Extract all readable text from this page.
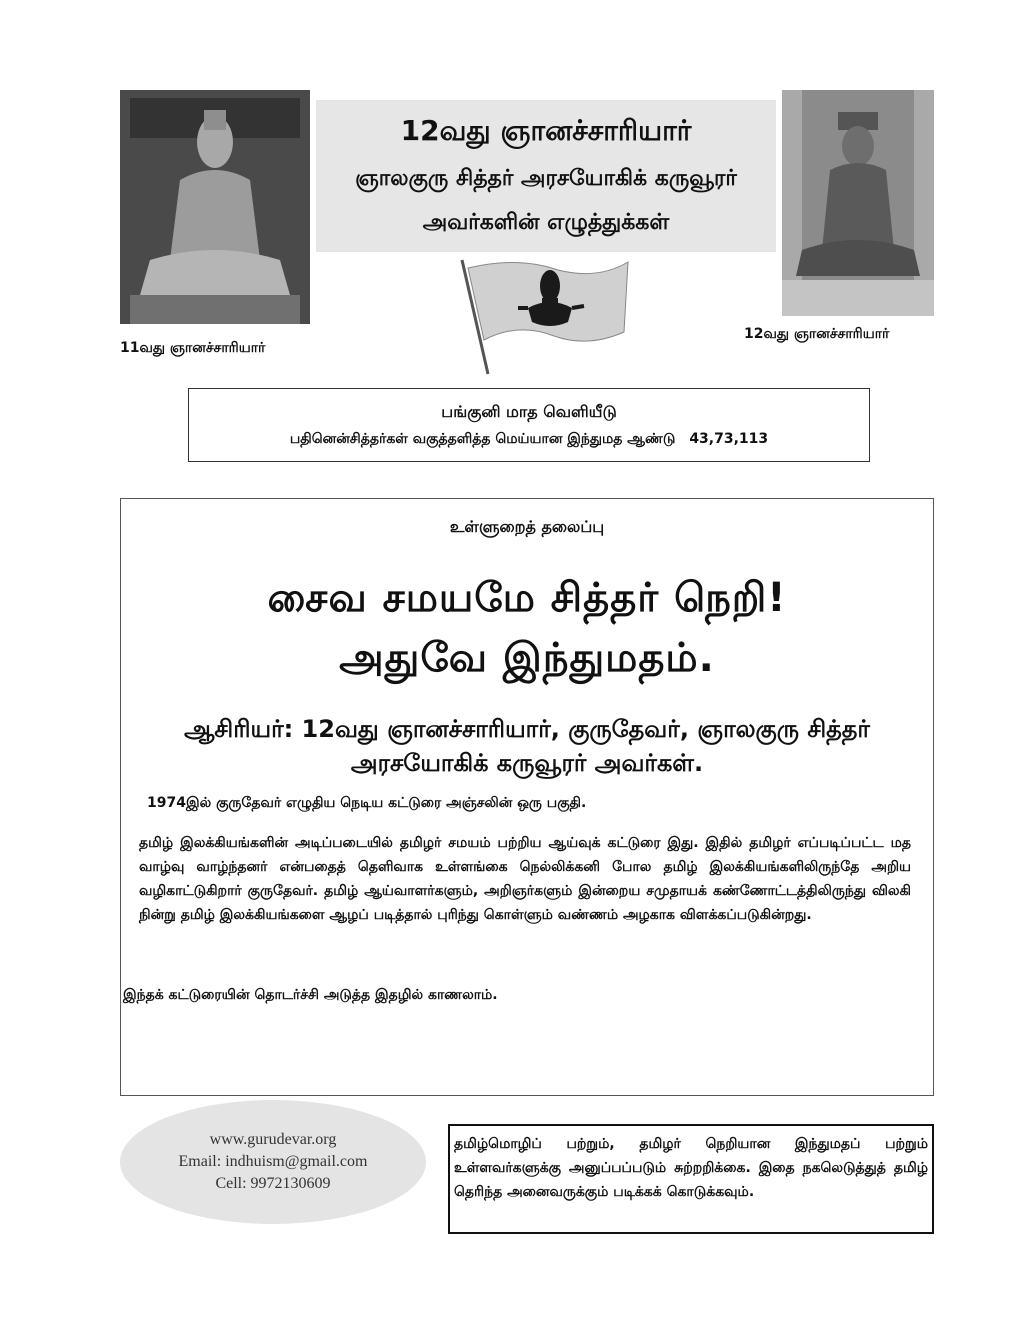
12வது ஞானச்சாரியார்
ஞாலகுரு சித்தர் அரசயோகிக் கருவூரர்
அவர்களின் எழுத்துக்கள்
11வது ஞானச்சாரியார்
12வது ஞானச்சாரியார்
பங்குனி மாத வெளியீடு
பதினென்சித்தர்கள் வகுத்தளித்த மெய்யான இந்துமத ஆண்டு 43,73,113
உள்ளுறைத் தலைப்பு
சைவ சமயமே சித்தர் நெறி!
அதுவே இந்துமதம்.
ஆசிரியர்: 12வது ஞானச்சாரியார், குருதேவர், ஞாலகுரு சித்தர்
அரசயோகிக் கருவூரர் அவர்கள்.
1974இல் குருதேவர் எழுதிய நெடிய கட்டுரை அஞ்சலின் ஒரு பகுதி.
தமிழ் இலக்கியங்களின் அடிப்படையில் தமிழர் சமயம் பற்றிய ஆய்வுக் கட்டுரை இது. இதில் தமிழர் எப்படிப்பட்ட மத வாழ்வு வாழ்ந்தனர் என்பதைத் தெளிவாக உள்ளங்கை நெல்லிக்கனி போல தமிழ் இலக்கியங்களிலிருந்தே அறிய வழிகாட்டுகிறார் குருதேவர். தமிழ் ஆய்வாளர்களும், அறிஞர்களும் இன்றைய சமுதாயக் கண்ணோட்டத்திலிருந்து விலகி நின்று தமிழ் இலக்கியங்களை ஆழப் படித்தால் புரிந்து கொள்ளும் வண்ணம் அழகாக விளக்கப்படுகின்றது.
இந்தக் கட்டுரையின் தொடர்ச்சி அடுத்த இதழில் காணலாம்.
www.gurudevar.org
Email: indhuism@gmail.com
Cell: 9972130609
தமிழ்மொழிப் பற்றும், தமிழர் நெறியான இந்துமதப் பற்றும் உள்ளவர்களுக்கு அனுப்பப்படும் சுற்றறிக்கை. இதை நகலெடுத்துத் தமிழ் தெரிந்த அனைவருக்கும் படிக்கக் கொடுக்கவும்.
